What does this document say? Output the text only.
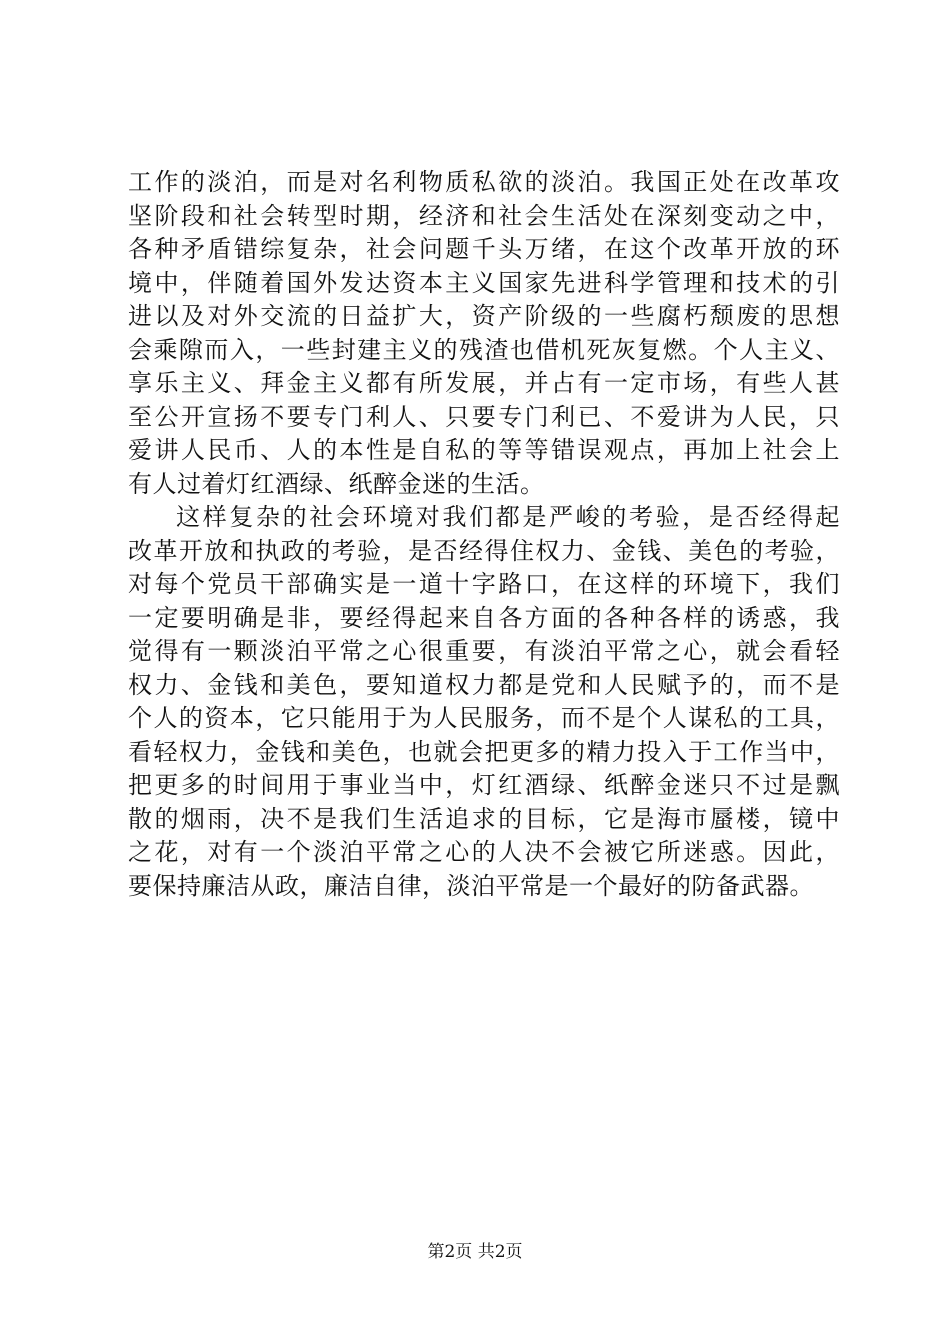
工作的淡泊，而是对名利物质私欲的淡泊。我国正处在改革攻
坚阶段和社会转型时期，经济和社会生活处在深刻变动之中，
各种矛盾错综复杂，社会问题千头万绪，在这个改革开放的环
境中，伴随着国外发达资本主义国家先进科学管理和技术的引
进以及对外交流的日益扩大，资产阶级的一些腐朽颓废的思想
会乘隙而入，一些封建主义的残渣也借机死灰复燃。个人主义、
享乐主义、拜金主义都有所发展，并占有一定市场，有些人甚
至公开宣扬不要专门利人、只要专门利已、不爱讲为人民，只
爱讲人民币、人的本性是自私的等等错误观点，再加上社会上
有人过着灯红酒绿、纸醉金迷的生活。
这样复杂的社会环境对我们都是严峻的考验，是否经得起
改革开放和执政的考验，是否经得住权力、金钱、美色的考验，
对每个党员干部确实是一道十字路口，在这样的环境下，我们
一定要明确是非，要经得起来自各方面的各种各样的诱惑，我
觉得有一颗淡泊平常之心很重要，有淡泊平常之心，就会看轻
权力、金钱和美色，要知道权力都是党和人民赋予的，而不是
个人的资本，它只能用于为人民服务，而不是个人谋私的工具，
看轻权力，金钱和美色，也就会把更多的精力投入于工作当中，
把更多的时间用于事业当中，灯红酒绿、纸醉金迷只不过是飘
散的烟雨，决不是我们生活追求的目标，它是海市蜃楼，镜中
之花，对有一个淡泊平常之心的人决不会被它所迷惑。因此，
要保持廉洁从政，廉洁自律，淡泊平常是一个最好的防备武器。
第2页 共2页
